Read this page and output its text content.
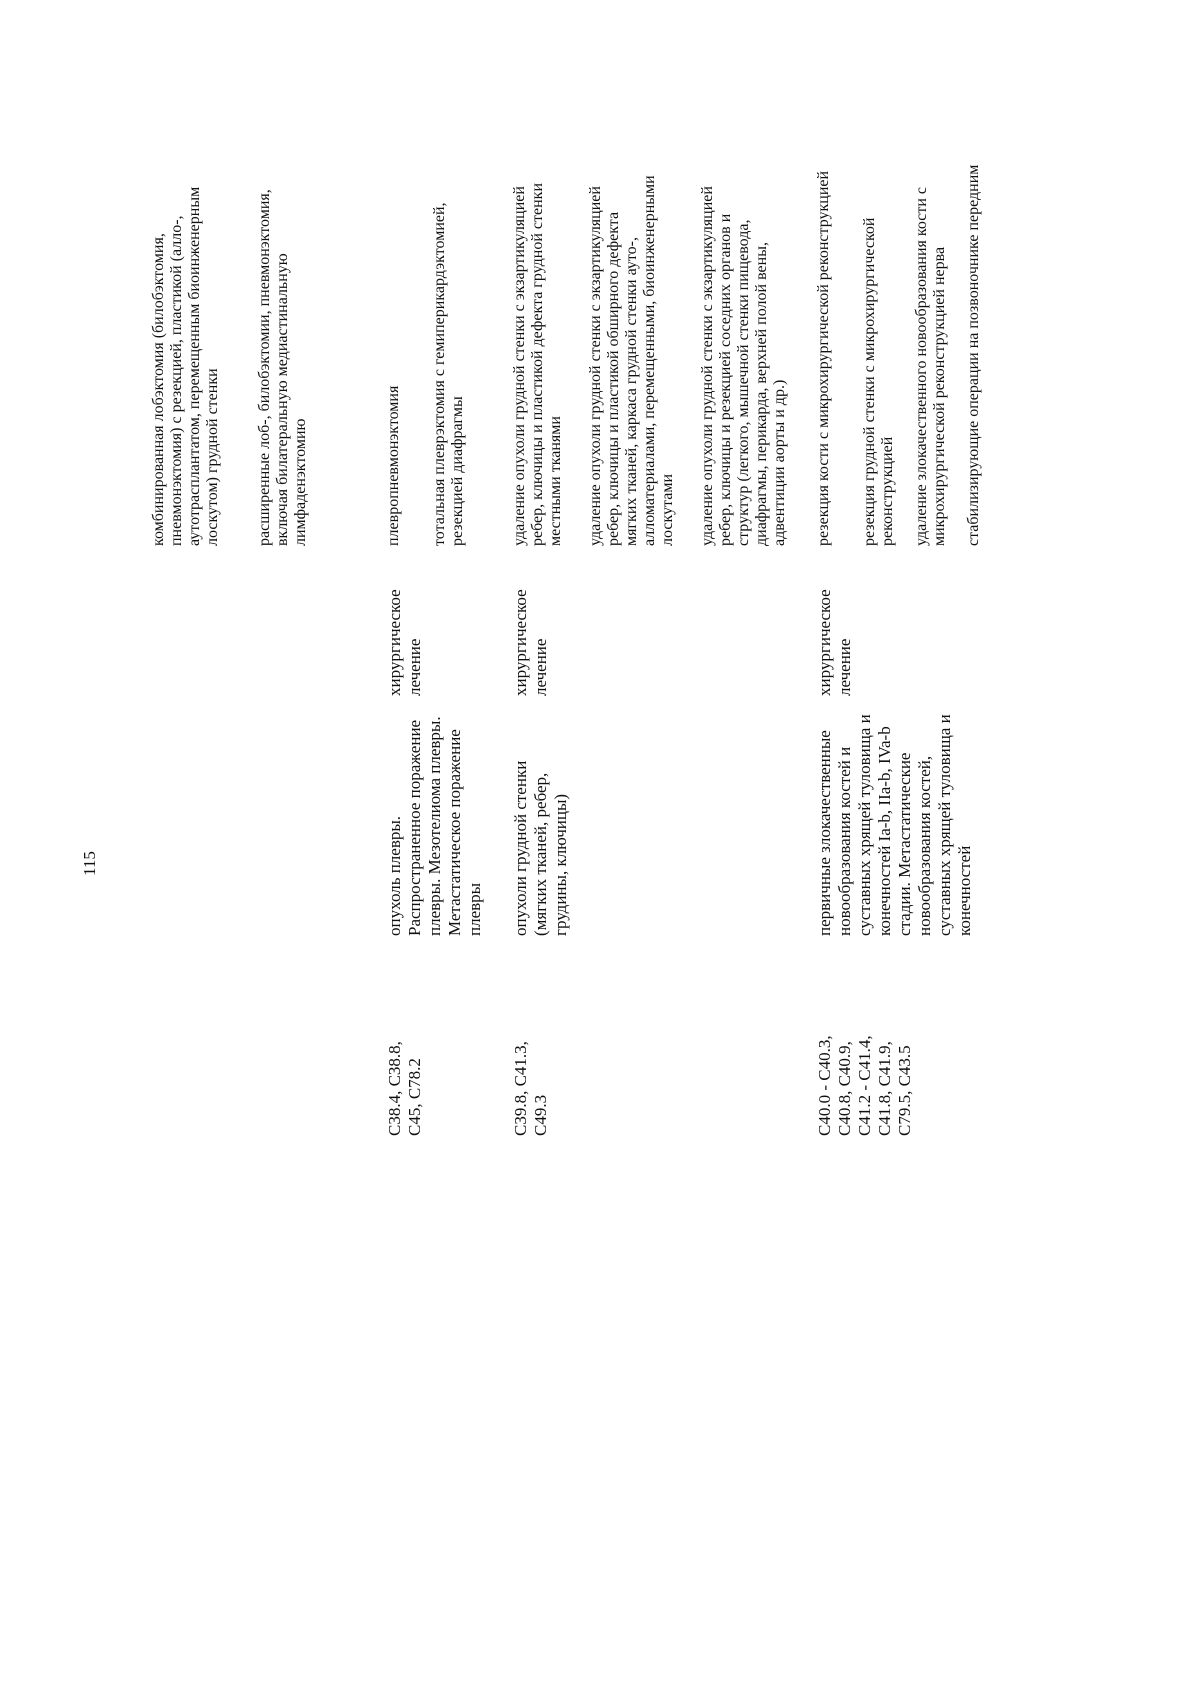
115
комбинированная лобэктомия (билобэктомия, пневмонэктомия) с резекцией, пластикой (алло-, аутотрасплантатом, перемещенным биоинженерным лоскутом) грудной стенки расширенные лоб-, билобэктомии, пневмонэктомия, включая билатеральную медиастинальную лимфаденэктомию
C38.4, C38.8, C45, C78.2
опухоль плевры. Распространенное поражение плевры. Мезотелиома плевры. Метастатическое поражение плевры
хирургическое лечение
плевропневмонэктомия тотальная плеврэктомия с гемиперикардэктомией, резекцией диафрагмы
C39.8, C41.3, C49.3
опухоли грудной стенки (мягких тканей, ребер, грудины, ключицы)
хирургическое лечение
удаление опухоли грудной стенки с экзартикуляцией ребер, ключицы и пластикой дефекта грудной стенки местными тканями удаление опухоли грудной стенки с экзартикуляцией ребер, ключицы и пластикой обширного дефекта мягких тканей, каркаса грудной стенки ауто-, алломатериалами, перемещенными, биоинженерными лоскутами удаление опухоли грудной стенки с экзартикуляцией ребер, ключицы и резекцией соседних органов и структур (легкого, мышечной стенки пищевода, диафрагмы, перикарда, верхней полой вены, адвентиции аорты и др.)
C40.0 - C40.3, C40.8, C40.9, C41.2 - C41.4, C41.8, C41.9, C79.5, C43.5
первичные злокачественные новообразования костей и суставных хрящей туловища и конечностей Ia-b, IIa-b, IVa-b стадии. Метастатические новообразования костей, суставных хрящей туловища и конечностей
хирургическое лечение
резекция кости с микрохирургической реконструкцией резекция грудной стенки с микрохирургической реконструкцией удаление злокачественного новообразования кости с микрохирургической реконструкцией нерва стабилизирующие операции на позвоночнике передним
